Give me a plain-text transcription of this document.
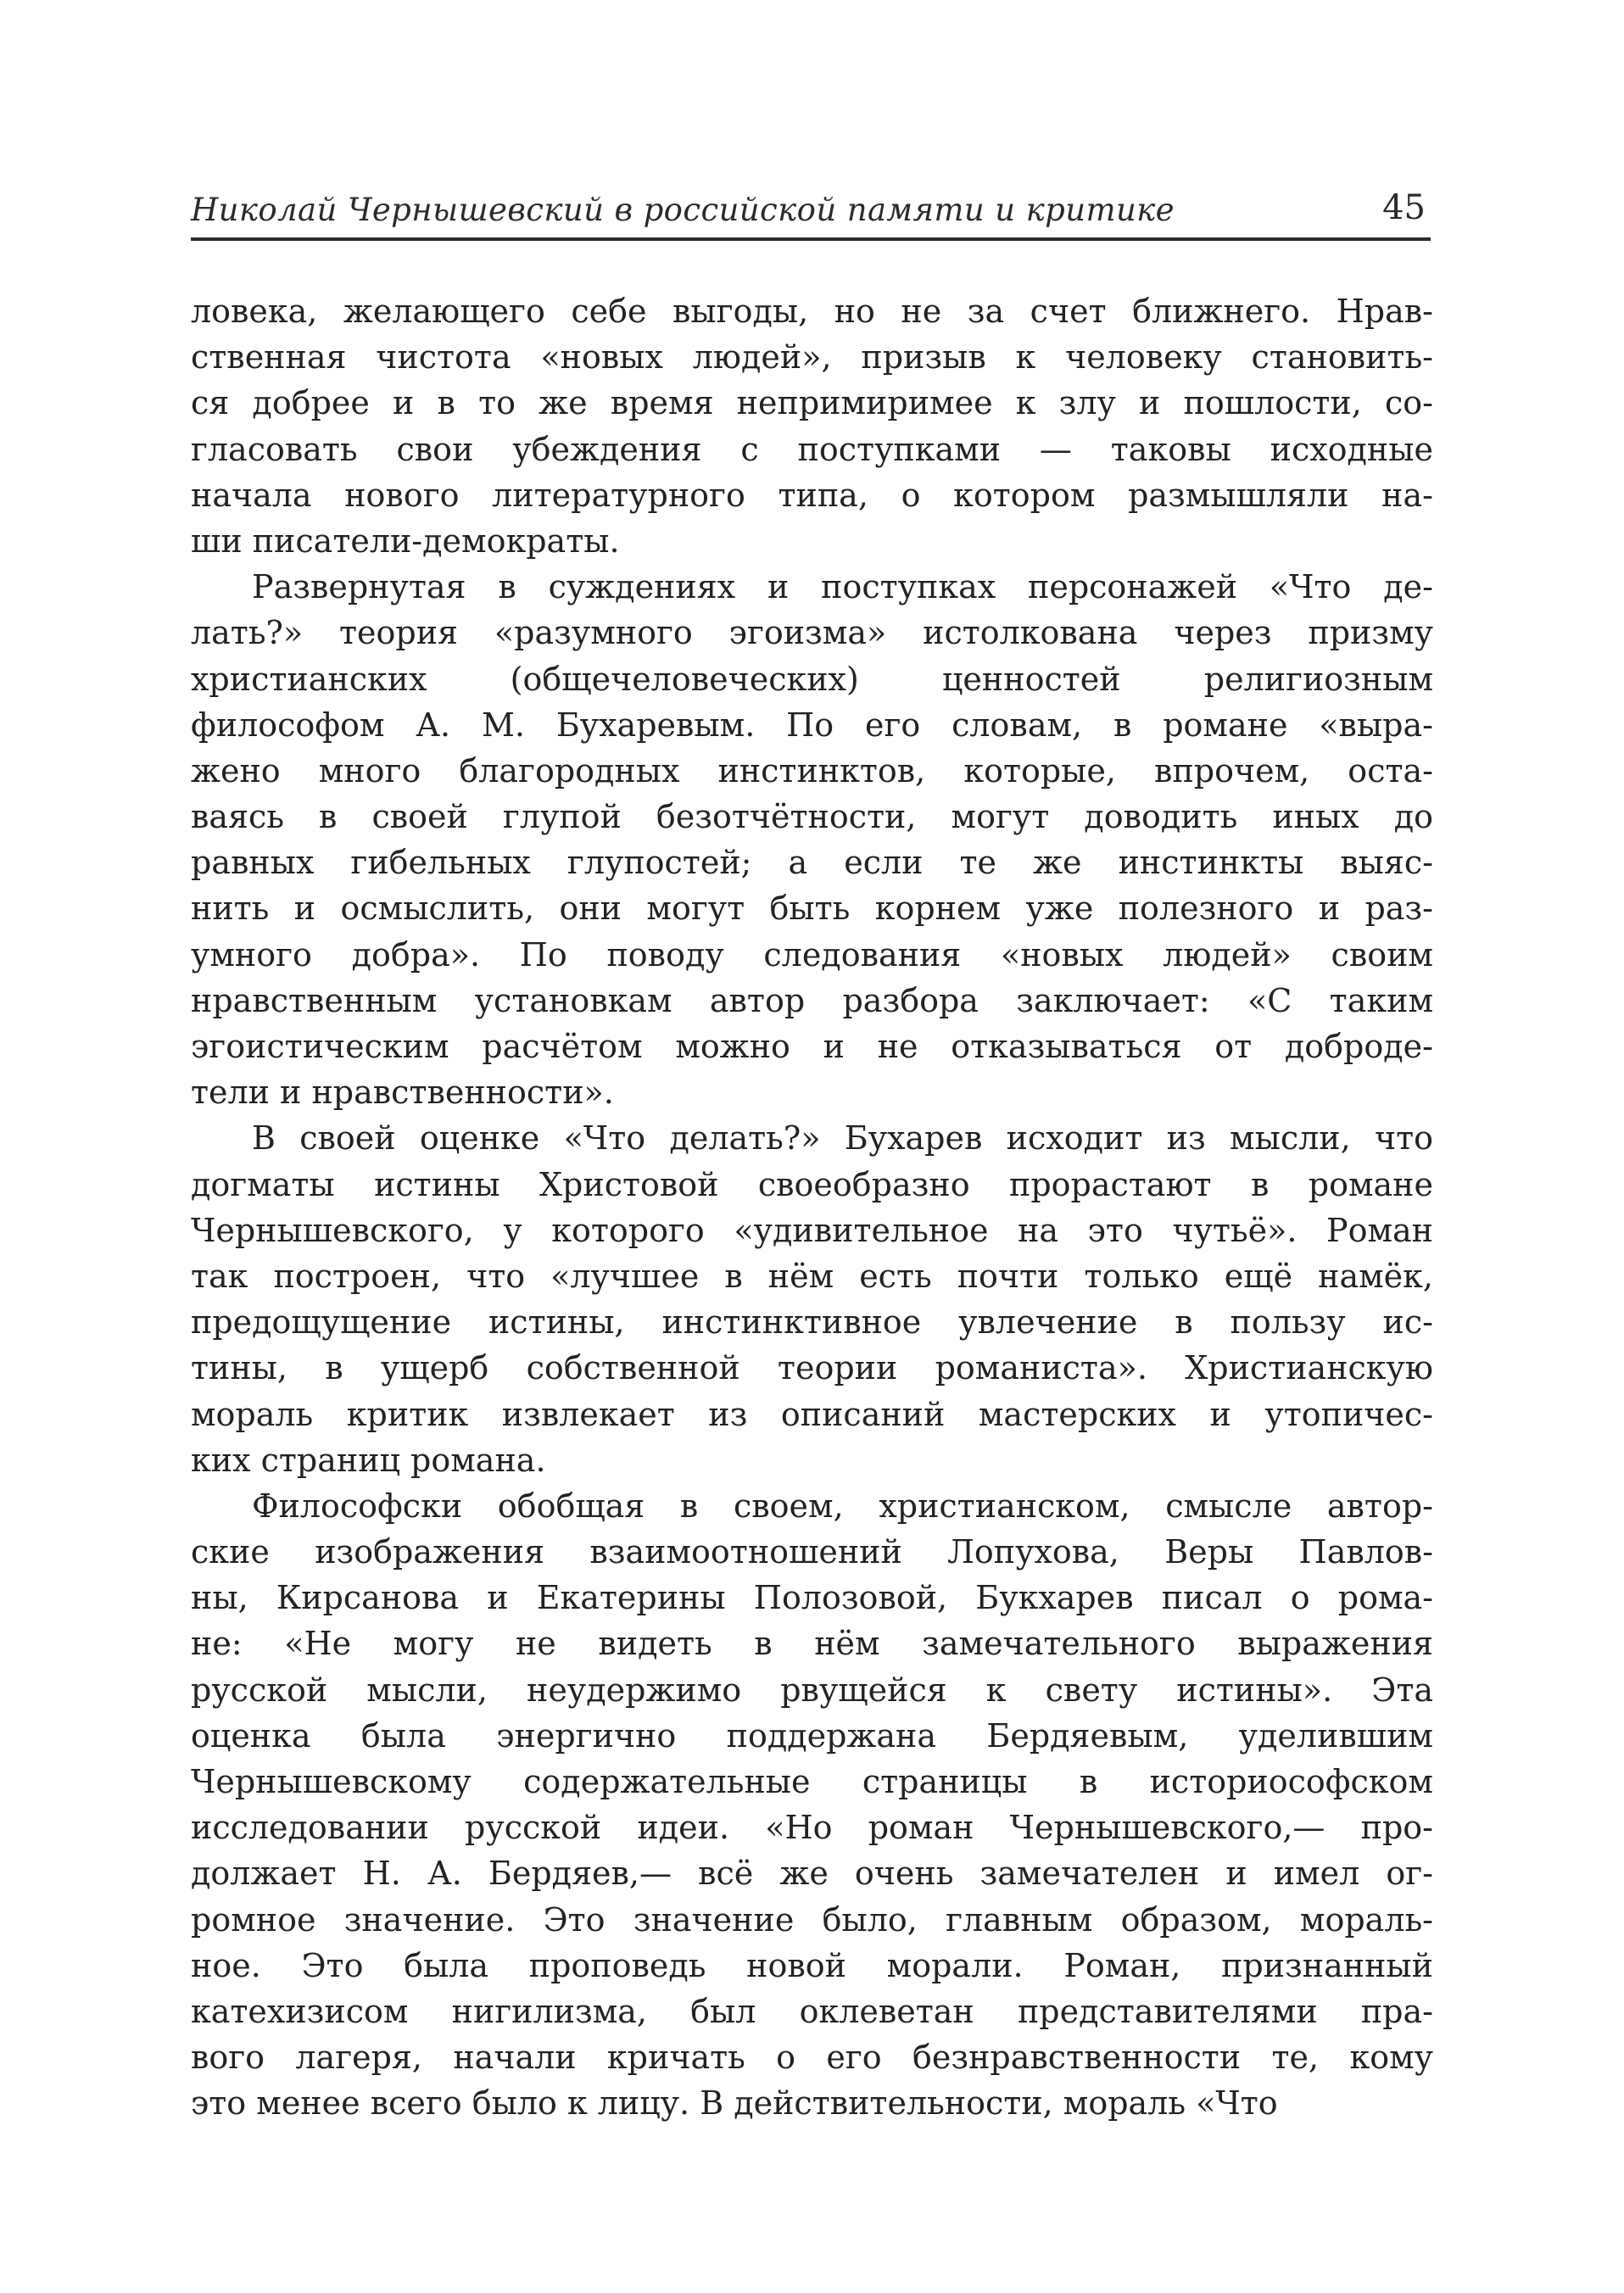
Николай Чернышевский в российской памяти и критике	45
ловека, желающего себе выгоды, но не за счет ближнего. Нрав-
ственная чистота «новых людей», призыв к человеку становить-
ся добрее и в то же время непримиримее к злу и пошлости, со-
гласовать свои убеждения с поступками — таковы исходные
начала нового литературного типа, о котором размышляли на-
ши писатели-демократы.
Развернутая в суждениях и поступках персонажей «Что де-
лать?» теория «разумного эгоизма» истолкована через призму
христианских (общечеловеческих) ценностей религиозным
философом А. М. Бухаревым. По его словам, в романе «выра-
жено много благородных инстинктов, которые, впрочем, оста-
ваясь в своей глупой безотчётности, могут доводить иных до
равных гибельных глупостей; а если те же инстинкты выяс-
нить и осмыслить, они могут быть корнем уже полезного и раз-
умного добра». По поводу следования «новых людей» своим
нравственным установкам автор разбора заключает: «С таким
эгоистическим расчётом можно и не отказываться от доброде-
тели и нравственности».
В своей оценке «Что делать?» Бухарев исходит из мысли, что
догматы истины Христовой своеобразно прорастают в романе
Чернышевского, у которого «удивительное на это чутьё». Роман
так построен, что «лучшее в нём есть почти только ещё намёк,
предощущение истины, инстинктивное увлечение в пользу ис-
тины, в ущерб собственной теории романиста». Христианскую
мораль критик извлекает из описаний мастерских и утопичес-
ких страниц романа.
Философски обобщая в своем, христианском, смысле автор-
ские изображения взаимоотношений Лопухова, Веры Павлов-
ны, Кирсанова и Екатерины Полозовой, Букхарев писал о рома-
не: «Не могу не видеть в нём замечательного выражения
русской мысли, неудержимо рвущейся к свету истины». Эта
оценка была энергично поддержана Бердяевым, уделившим
Чернышевскому содержательные страницы в историософском
исследовании русской идеи. «Но роман Чернышевского,— про-
должает Н. А. Бердяев,— всё же очень замечателен и имел ог-
ромное значение. Это значение было, главным образом, мораль-
ное. Это была проповедь новой морали. Роман, признанный
катехизисом нигилизма, был оклеветан представителями пра-
вого лагеря, начали кричать о его безнравственности те, кому
это менее всего было к лицу. В действительности, мораль «Что
